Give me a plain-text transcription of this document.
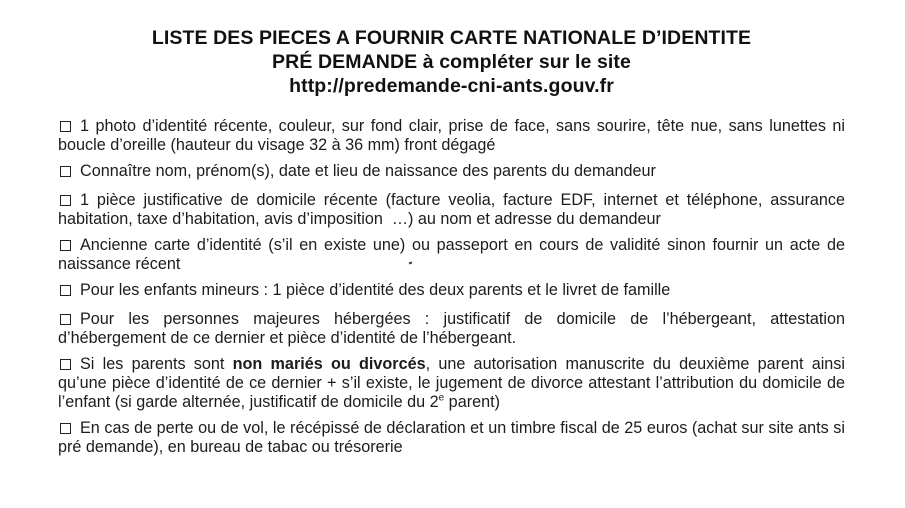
LISTE DES PIECES A FOURNIR CARTE NATIONALE D’IDENTITE
PRÉ DEMANDE à compléter sur le site
http://predemande-cni-ants.gouv.fr
1 photo d’identité récente, couleur, sur fond clair, prise de face, sans sourire, tête nue, sans lunettes ni boucle d’oreille (hauteur du visage 32 à 36 mm) front dégagé
Connaître nom, prénom(s), date et lieu de naissance des parents du demandeur
1 pièce justificative de domicile récente (facture veolia, facture EDF, internet et téléphone, assurance habitation, taxe d’habitation, avis d’imposition  …) au nom et adresse du demandeur
Ancienne carte d’identité (s’il en existe une) ou passeport en cours de validité sinon fournir un acte de naissance récent
Pour les enfants mineurs : 1 pièce d’identité des deux parents et le livret de famille
Pour les personnes majeures hébergées : justificatif de domicile de l’hébergeant, attestation d’hébergement de ce dernier et pièce d’identité de l’hébergeant.
Si les parents sont non mariés ou divorcés, une autorisation manuscrite du deuxième parent ainsi qu’une pièce d’identité de ce dernier + s’il existe, le jugement de divorce attestant l’attribution du domicile de l’enfant (si garde alternée, justificatif de domicile du 2e parent)
En cas de perte ou de vol, le récépissé de déclaration et un timbre fiscal de 25 euros (achat sur site ants si pré demande), en bureau de tabac ou trésorerie
